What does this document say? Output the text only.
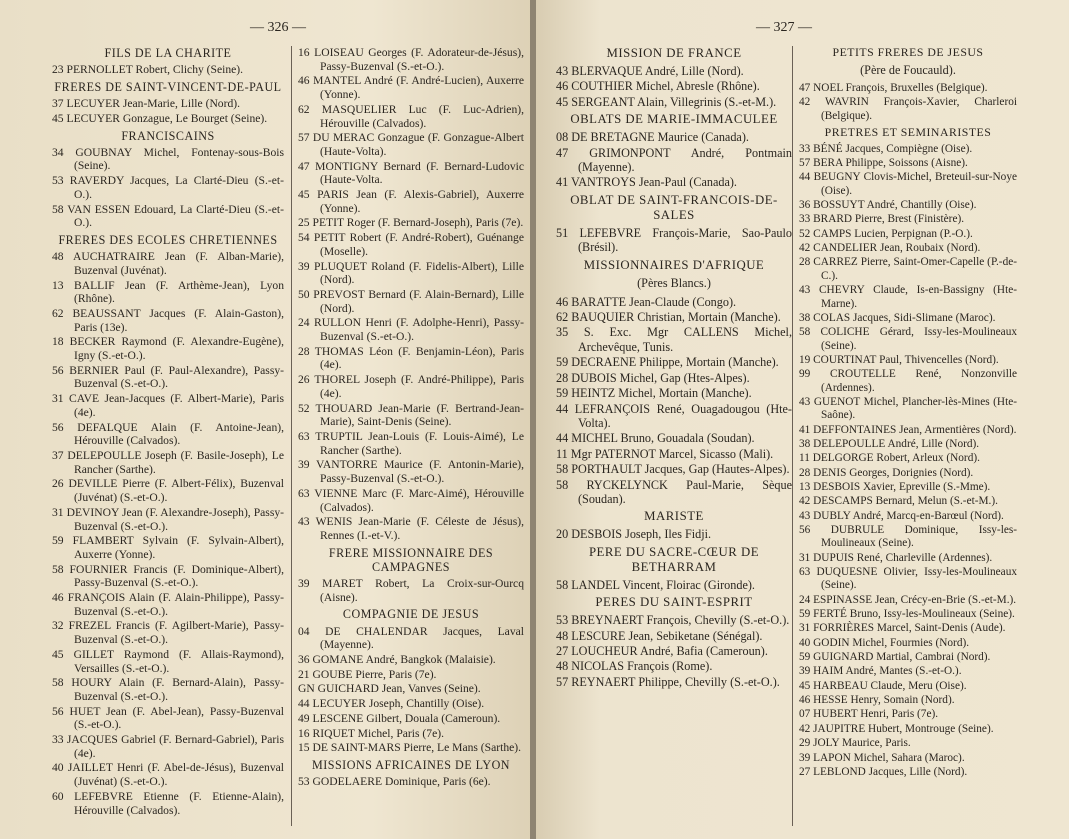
— 326 —
FILS DE LA CHARITE
23 PERNOLLET Robert, Clichy (Seine).
FRERES DE SAINT-VINCENT-DE-PAUL
37 LECUYER Jean-Marie, Lille (Nord).
45 LECUYER Gonzague, Le Bourget (Seine).
FRANCISCAINS
34 GOUBNAY Michel, Fontenay-sous-Bois (Seine).
53 RAVERDY Jacques, La Clarté-Dieu (S.-et-O.).
58 VAN ESSEN Edouard, La Clarté-Dieu (S.-et-O.).
FRERES DES ECOLES CHRETIENNES
48 AUCHATRAIRE Jean (F. Alban-Marie), Buzenval (Juvénat).
13 BALLIF Jean (F. Arthème-Jean), Lyon (Rhône).
62 BEAUSSANT Jacques (F. Alain-Gaston), Paris (13e).
18 BECKER Raymond (F. Alexandre-Eugène), Igny (S.-et-O.).
56 BERNIER Paul (F. Paul-Alexandre), Passy-Buzenval (S.-et-O.).
31 CAVE Jean-Jacques (F. Albert-Marie), Paris (4e).
56 DEFALQUE Alain (F. Antoine-Jean), Hérouville (Calvados).
37 DELEPOULLE Joseph (F. Basile-Joseph), Le Rancher (Sarthe).
26 DEVILLE Pierre (F. Albert-Félix), Buzenval (Juvénat) (S.-et-O.).
31 DEVINOY Jean (F. Alexandre-Joseph), Passy-Buzenval (S.-et-O.).
59 FLAMBERT Sylvain (F. Sylvain-Albert), Auxerre (Yonne).
58 FOURNIER Francis (F. Dominique-Albert), Passy-Buzenval (S.-et-O.).
46 FRANÇOIS Alain (F. Alain-Philippe), Passy-Buzenval (S.-et-O.).
32 FREZEL Francis (F. Agilbert-Marie), Passy-Buzenval (S.-et-O.).
45 GILLET Raymond (F. Allais-Raymond), Versailles (S.-et-O.).
58 HOURY Alain (F. Bernard-Alain), Passy-Buzenval (S.-et-O.).
56 HUET Jean (F. Abel-Jean), Passy-Buzenval (S.-et-O.).
33 JACQUES Gabriel (F. Bernard-Gabriel), Paris (4e).
40 JAILLET Henri (F. Abel-de-Jésus), Buzenval (Juvénat) (S.-et-O.).
60 LEFEBVRE Etienne (F. Etienne-Alain), Hérouville (Calvados).
16 LOISEAU Georges (F. Adorateur-de-Jésus), Passy-Buzenval (S.-et-O.).
46 MANTEL André (F. André-Lucien), Auxerre (Yonne).
62 MASQUELIER Luc (F. Luc-Adrien), Hérouville (Calvados).
57 DU MERAC Gonzague (F. Gonzague-Albert (Haute-Volta).
47 MONTIGNY Bernard (F. Bernard-Ludovic (Haute-Volta.
45 PARIS Jean (F. Alexis-Gabriel), Auxerre (Yonne).
25 PETIT Roger (F. Bernard-Joseph), Paris (7e).
54 PETIT Robert (F. André-Robert), Guénange (Moselle).
39 PLUQUET Roland (F. Fidelis-Albert), Lille (Nord).
50 PREVOST Bernard (F. Alain-Bernard), Lille (Nord).
24 RULLON Henri (F. Adolphe-Henri), Passy-Buzenval (S.-et-O.).
28 THOMAS Léon (F. Benjamin-Léon), Paris (4e).
26 THOREL Joseph (F. André-Philippe), Paris (4e).
52 THOUARD Jean-Marie (F. Bertrand-Jean-Marie), Saint-Denis (Seine).
63 TRUPTIL Jean-Louis (F. Louis-Aimé), Le Rancher (Sarthe).
39 VANTORRE Maurice (F. Antonin-Marie), Passy-Buzenval (S.-et-O.).
63 VIENNE Marc (F. Marc-Aimé), Hérouville (Calvados).
43 WENIS Jean-Marie (F. Céleste de Jésus), Rennes (I.-et-V.).
FRERE MISSIONNAIRE DES CAMPAGNES
39 MARET Robert, La Croix-sur-Ourcq (Aisne).
COMPAGNIE DE JESUS
04 DE CHALENDAR Jacques, Laval (Mayenne).
36 GOMANE André, Bangkok (Malaisie).
21 GOUBE Pierre, Paris (7e).
GN GUICHARD Jean, Vanves (Seine).
44 LECUYER Joseph, Chantilly (Oise).
49 LESCENE Gilbert, Douala (Cameroun).
16 RIQUET Michel, Paris (7e).
15 DE SAINT-MARS Pierre, Le Mans (Sarthe).
MISSIONS AFRICAINES DE LYON
53 GODELAERE Dominique, Paris (6e).
— 327 —
MISSION DE FRANCE
43 BLERVAQUE André, Lille (Nord).
46 COUTHIER Michel, Abresle (Rhône).
45 SERGEANT Alain, Villegrinis (S.-et-M.).
OBLATS DE MARIE-IMMACULEE
08 DE BRETAGNE Maurice (Canada).
47 GRIMONPONT André, Pontmain (Mayenne).
41 VANTROYS Jean-Paul (Canada).
OBLAT DE SAINT-FRANCOIS-DE-SALES
51 LEFEBVRE François-Marie, Sao-Paulo (Brésil).
MISSIONNAIRES D'AFRIQUE
(Pères Blancs.)
46 BARATTE Jean-Claude (Congo).
62 BAUQUIER Christian, Mortain (Manche).
35 S. Exc. Mgr CALLENS Michel, Archevêque, Tunis.
59 DECRAENE Philippe, Mortain (Manche).
28 DUBOIS Michel, Gap (Htes-Alpes).
59 HEINTZ Michel, Mortain (Manche).
44 LEFRANÇOIS René, Ouagadougou (Hte-Volta).
44 MICHEL Bruno, Gouadala (Soudan).
11 Mgr PATERNOT Marcel, Sicasso (Mali).
58 PORTHAULT Jacques, Gap (Hautes-Alpes).
58 RYCKELYNCK Paul-Marie, Sèque (Soudan).
MARISTE
20 DESBOIS Joseph, Iles Fidji.
PERE DU SACRE-CŒUR DE BETHARRAM
58 LANDEL Vincent, Floirac (Gironde).
PERES DU SAINT-ESPRIT
53 BREYNAERT François, Chevilly (S.-et-O.).
48 LESCURE Jean, Sebiketane (Sénégal).
27 LOUCHEUR André, Bafia (Cameroun).
48 NICOLAS François (Rome).
57 REYNAERT Philippe, Chevilly (S.-et-O.).
PETITS FRERES DE JESUS
(Père de Foucauld).
47 NOEL François, Bruxelles (Belgique).
42 WAVRIN François-Xavier, Charleroi (Belgique).
PRETRES ET SEMINARISTES
33 BÉNÉ Jacques, Compiègne (Oise).
57 BERA Philippe, Soissons (Aisne).
44 BEUGNY Clovis-Michel, Breteuil-sur-Noye (Oise).
36 BOSSUYT André, Chantilly (Oise).
33 BRARD Pierre, Brest (Finistère).
52 CAMPS Lucien, Perpignan (P.-O.).
42 CANDELIER Jean, Roubaix (Nord).
28 CARREZ Pierre, Saint-Omer-Capelle (P.-de-C.).
43 CHEVRY Claude, Is-en-Bassigny (Hte-Marne).
38 COLAS Jacques, Sidi-Slimane (Maroc).
58 COLICHE Gérard, Issy-les-Moulineaux (Seine).
19 COURTINAT Paul, Thivencelles (Nord).
99 CROUTELLE René, Nonzonville (Ardennes).
43 GUENOT Michel, Plancher-lès-Mines (Hte-Saône).
41 DEFFONTAINES Jean, Armentières (Nord).
38 DELEPOULLE André, Lille (Nord).
11 DELGORGE Robert, Arleux (Nord).
28 DENIS Georges, Dorignies (Nord).
13 DESBOIS Xavier, Epreville (S.-Mme).
42 DESCAMPS Bernard, Melun (S.-et-M.).
43 DUBLY André, Marcq-en-Barœul (Nord).
56 DUBRULE Dominique, Issy-les-Moulineaux (Seine).
31 DUPUIS René, Charleville (Ardennes).
63 DUQUESNE Olivier, Issy-les-Moulineaux (Seine).
24 ESPINASSE Jean, Crécy-en-Brie (S.-et-M.).
59 FERTÉ Bruno, Issy-les-Moulineaux (Seine).
31 FORRIÈRES Marcel, Saint-Denis (Aude).
40 GODIN Michel, Fourmies (Nord).
59 GUIGNARD Martial, Cambrai (Nord).
39 HAIM André, Mantes (S.-et-O.).
45 HARBEAU Claude, Meru (Oise).
46 HESSE Henry, Somain (Nord).
07 HUBERT Henri, Paris (7e).
42 JAUPITRE Hubert, Montrouge (Seine).
29 JOLY Maurice, Paris.
39 LAPON Michel, Sahara (Maroc).
27 LEBLOND Jacques, Lille (Nord).
